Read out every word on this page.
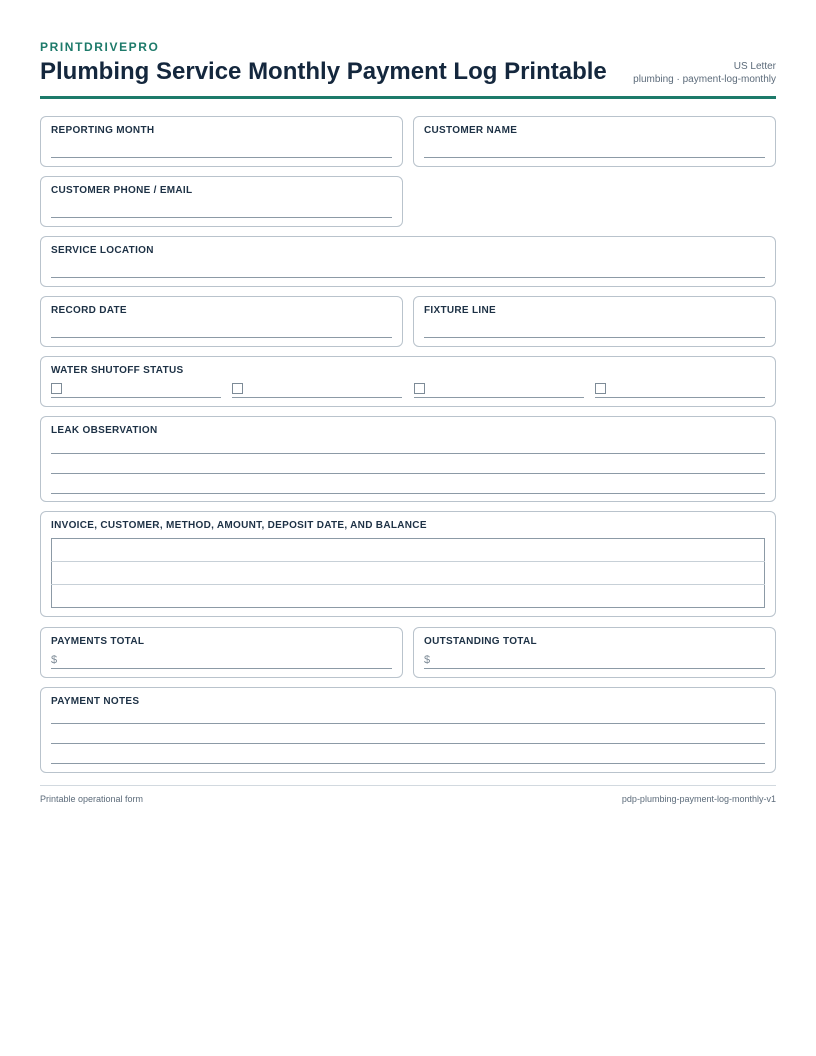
PRINTDRIVEPRO
Plumbing Service Monthly Payment Log Printable	US Letter
plumbing · payment-log-monthly
REPORTING MONTH	CUSTOMER NAME
CUSTOMER PHONE / EMAIL
SERVICE LOCATION
RECORD DATE	FIXTURE LINE
WATER SHUTOFF STATUS
LEAK OBSERVATION
INVOICE, CUSTOMER, METHOD, AMOUNT, DEPOSIT DATE, AND BALANCE

PAYMENTS TOTAL
$
OUTSTANDING TOTAL
$
PAYMENT NOTES
Printable operational form	pdp-plumbing-payment-log-monthly-v1
